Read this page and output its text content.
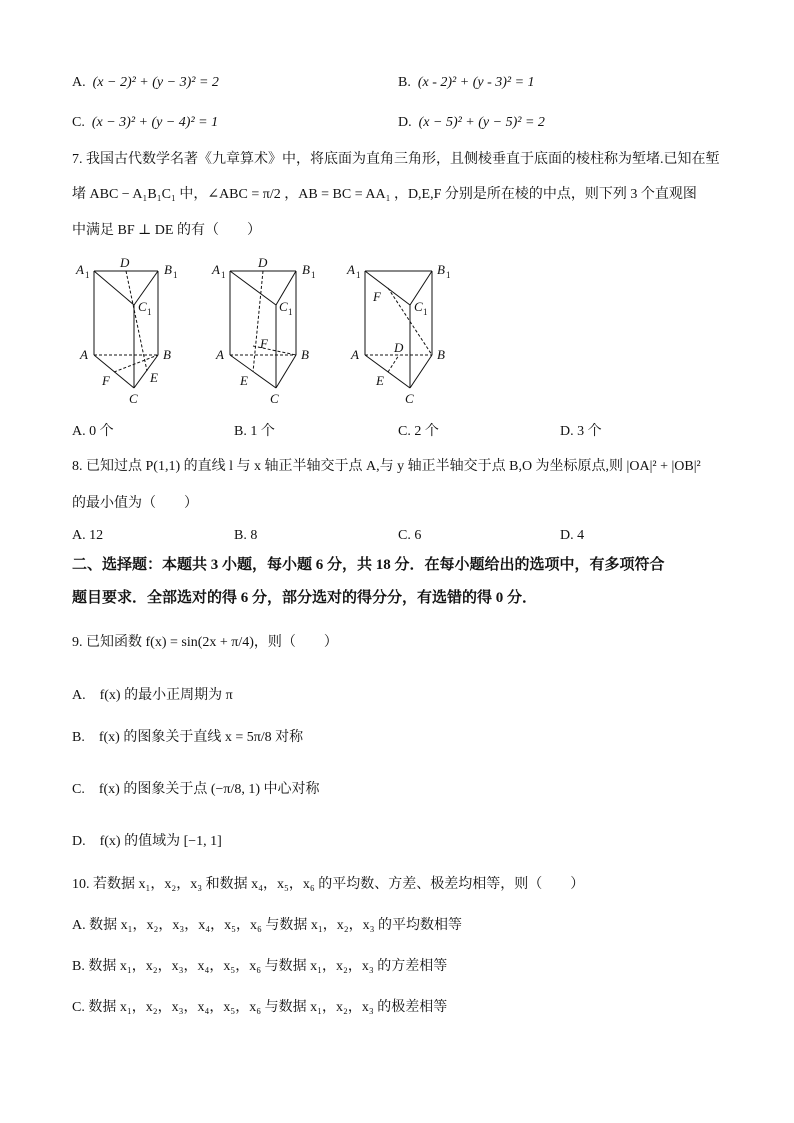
A. (x − 2)² + (y − 3)² = 2	B. (x - 2)² + (y - 3)² = 1
C. (x − 3)² + (y − 4)² = 1	D. (x − 5)² + (y − 5)² = 2
7. 我国古代数学名著《九章算术》中，将底面为直角三角形，且侧棱垂直于底面的棱柱称为堑堵.已知在堑
堵 ABC − A₁B₁C₁ 中，∠ABC = π/2 ，AB = BC = AA₁ ，D,E,F 分别是所在棱的中点，则下列 3 个直观图
中满足 BF ⊥ DE 的有（　　）
A 1
D	B 1
C 1
A	B
F	E
C
A 1
D	B 1
C 1
F
A	B
E
C
A 1	B 1
F
C 1
D
A	B
E
C
A. 0 个	B. 1 个	C. 2 个	D. 3 个
8. 已知过点 P(1,1) 的直线 l 与 x 轴正半轴交于点 A,与 y 轴正半轴交于点 B,O 为坐标原点,则 |OA|² + |OB|²
的最小值为（　　）
A. 12	B. 8	C. 6	D. 4
二、选择题：本题共 3 小题，每小题 6 分，共 18 分．在每小题给出的选项中，有多项符合
题目要求．全部选对的得 6 分，部分选对的得分分，有选错的得 0 分．
9. 已知函数 f(x) = sin(2x + π/4)，则（　　）
A.　f(x) 的最小正周期为 π
B.　f(x) 的图象关于直线 x = 5π/8 对称
C.　f(x) 的图象关于点 (−π/8, 1) 中心对称
D.　f(x) 的值域为 [−1, 1]
10. 若数据 x₁，x₂，x₃ 和数据 x₄，x₅，x₆ 的平均数、方差、极差均相等，则（　　）
A. 数据 x₁，x₂，x₃，x₄，x₅，x₆ 与数据 x₁，x₂，x₃ 的平均数相等
B. 数据 x₁，x₂，x₃，x₄，x₅，x₆ 与数据 x₁，x₂，x₃ 的方差相等
C. 数据 x₁，x₂，x₃，x₄，x₅，x₆ 与数据 x₁，x₂，x₃ 的极差相等
